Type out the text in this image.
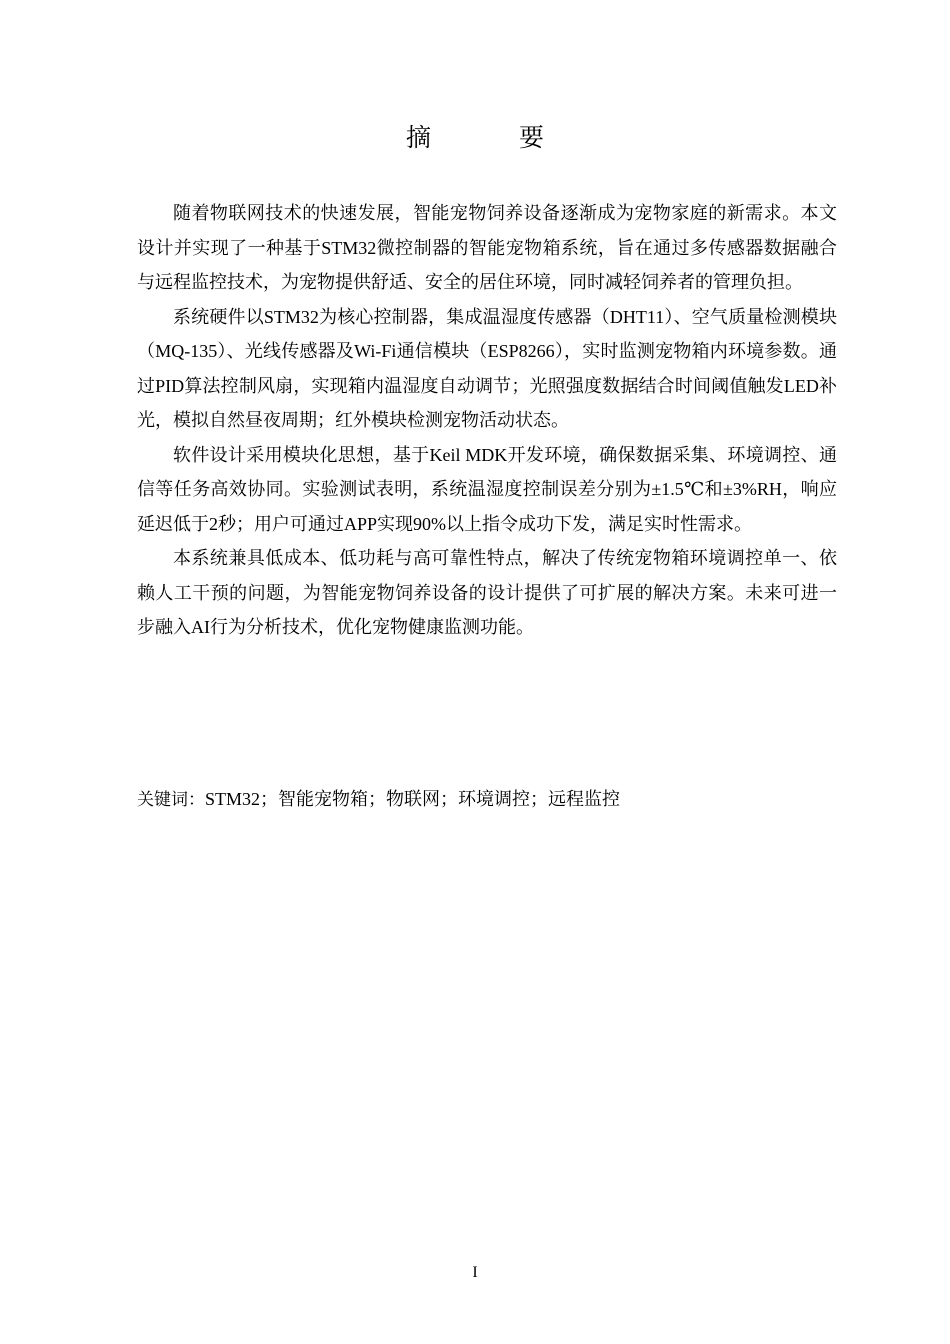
摘 要

随着物联网技术的快速发展，智能宠物饲养设备逐渐成为宠物家庭的新需求。本文设计并实现了一种基于STM32微控制器的智能宠物箱系统，旨在通过多传感器数据融合与远程监控技术，为宠物提供舒适、安全的居住环境，同时减轻饲养者的管理负担。

系统硬件以STM32为核心控制器，集成温湿度传感器（DHT11）、空气质量检测模块（MQ-135）、光线传感器及Wi-Fi通信模块（ESP8266），实时监测宠物箱内环境参数。通过PID算法控制风扇，实现箱内温湿度自动调节；光照强度数据结合时间阈值触发LED补光，模拟自然昼夜周期；红外模块检测宠物活动状态。

软件设计采用模块化思想，基于Keil MDK开发环境，确保数据采集、环境调控、通信等任务高效协同。实验测试表明，系统温湿度控制误差分别为±1.5℃和±3%RH，响应延迟低于2秒；用户可通过APP实现90%以上指令成功下发，满足实时性需求。

本系统兼具低成本、低功耗与高可靠性特点，解决了传统宠物箱环境调控单一、依赖人工干预的问题，为智能宠物饲养设备的设计提供了可扩展的解决方案。未来可进一步融入AI行为分析技术，优化宠物健康监测功能。

关键词：STM32；智能宠物箱；物联网；环境调控；远程监控
I
